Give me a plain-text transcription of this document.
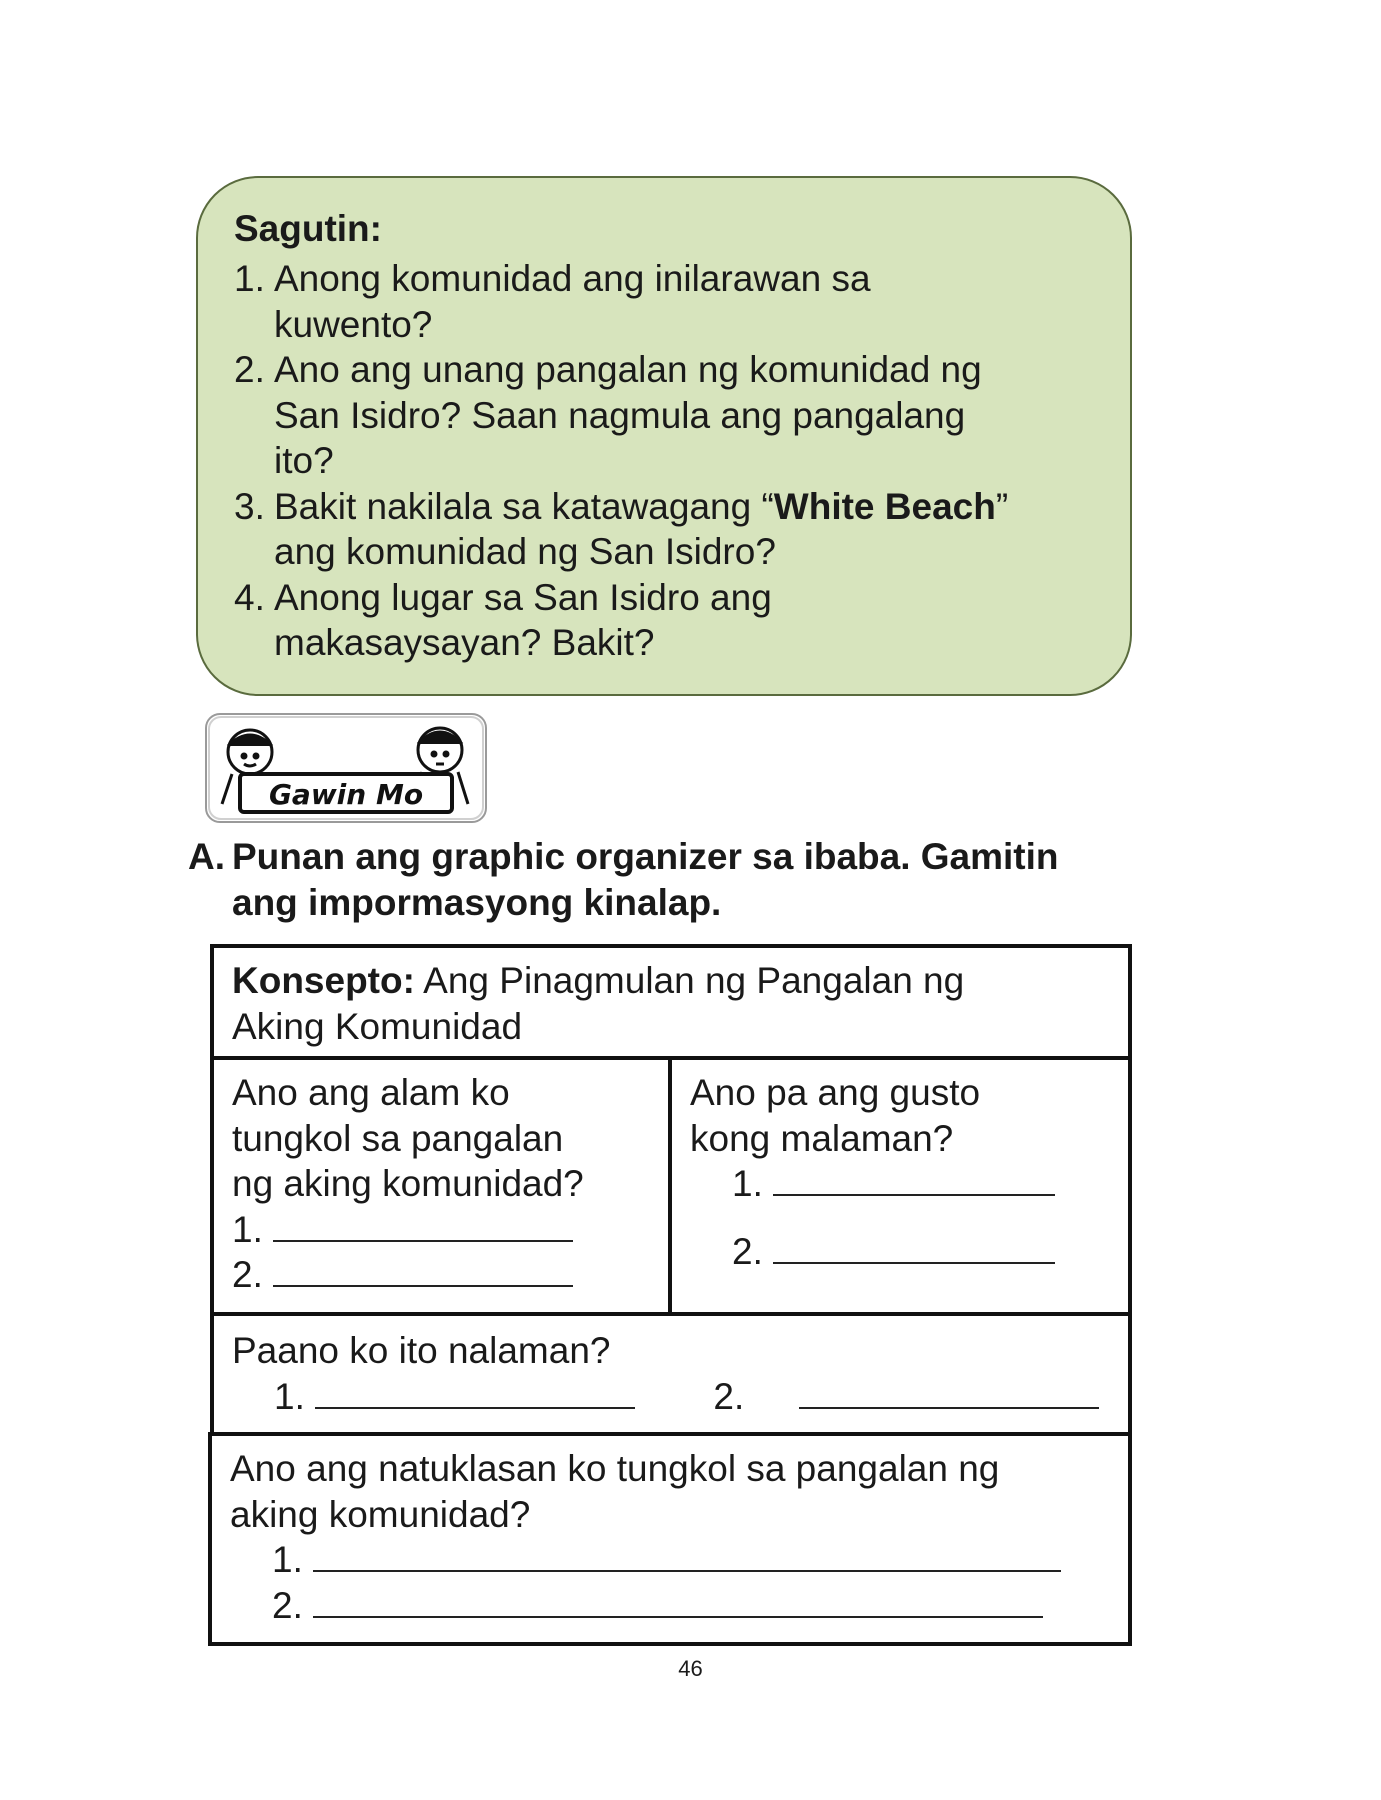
Sagutin:
1. Anong komunidad ang inilarawan sa
kuwento?
2. Ano ang unang pangalan ng komunidad ng
San Isidro? Saan nagmula ang pangalang
ito?
3. Bakit nakilala sa katawagang “White Beach”
ang komunidad ng San Isidro?
4. Anong lugar sa San Isidro ang
makasaysayan? Bakit?
Gawin Mo
A. Punan ang graphic organizer sa ibaba. Gamitin
ang impormasyong kinalap.
Konsepto: Ang Pinagmulan ng Pangalan ng
Aking Komunidad
Ano ang alam ko
tungkol sa pangalan
ng aking komunidad?
1.
2.
Ano pa ang gusto
kong malaman?
1.
2.
Paano ko ito nalaman?
1.	2.
Ano ang natuklasan ko tungkol sa pangalan ng
aking komunidad?
1.
2.
46
